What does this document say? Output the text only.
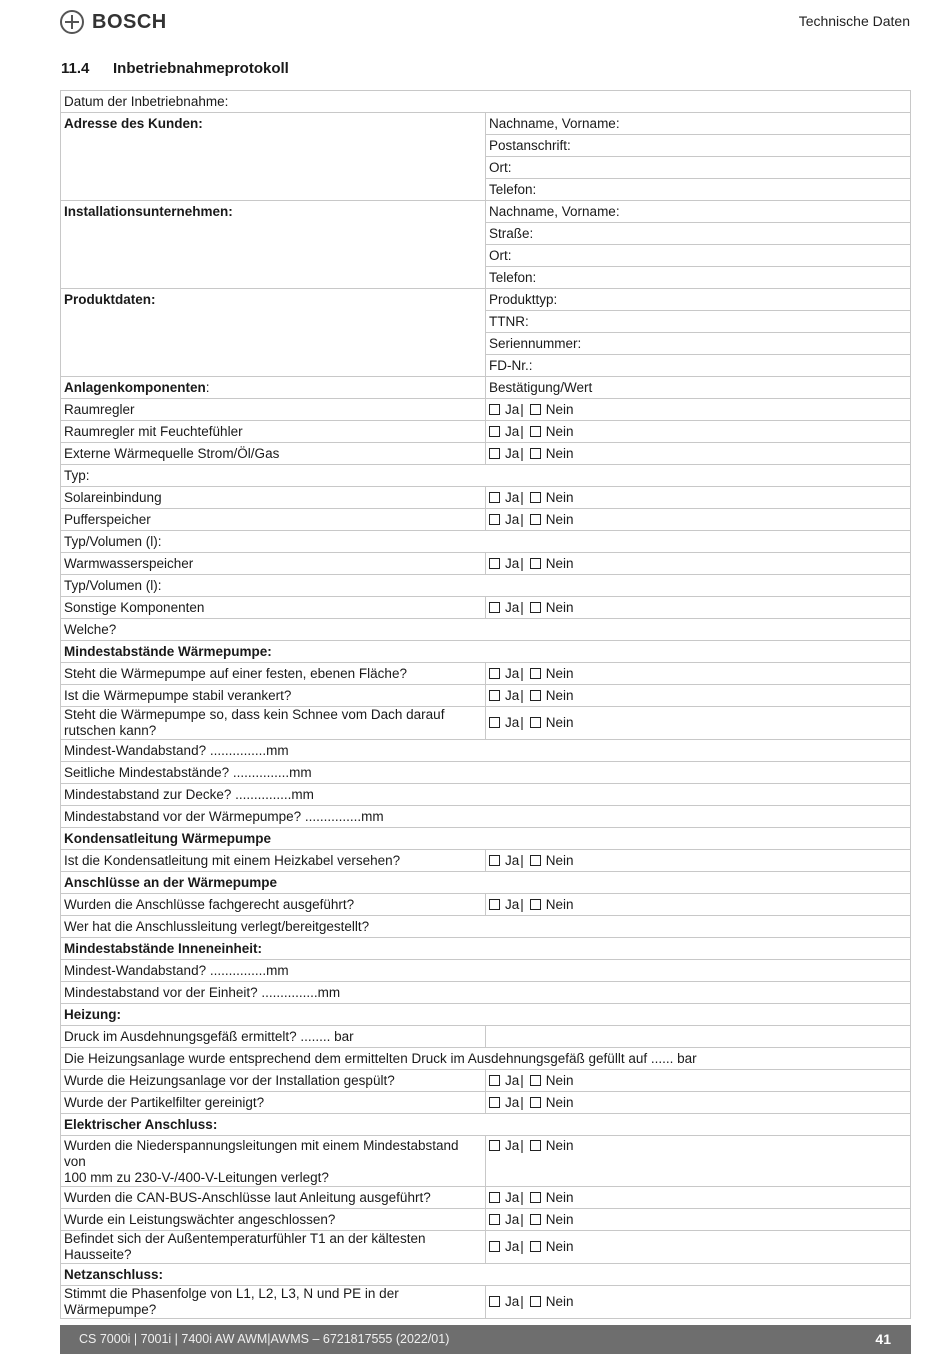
BOSCH	Technische Daten
11.4 Inbetriebnahmeprotokoll
Datum der Inbetriebnahme:	
Adresse des Kunden:	Nachname, Vorname:
	Postanschrift:
	Ort:
	Telefon:
Installationsunternehmen:	Nachname, Vorname:
	Straße:
	Ort:
	Telefon:
Produktdaten:	Produkttyp:
	TTNR:
	Seriennummer:
	FD-Nr.:
Anlagenkomponenten:	Bestätigung/Wert
Raumregler	Ja| Nein
Raumregler mit Feuchtefühler	Ja| Nein
Externe Wärmequelle Strom/Öl/Gas	Ja| Nein
Typ:	
Solareinbindung	Ja| Nein
Pufferspeicher	Ja| Nein
Typ/Volumen (l):	
Warmwasserspeicher	Ja| Nein
Typ/Volumen (l):	
Sonstige Komponenten	Ja| Nein
Welche?	
Mindestabstände Wärmepumpe:	
Steht die Wärmepumpe auf einer festen, ebenen Fläche?	Ja| Nein
Ist die Wärmepumpe stabil verankert?	Ja| Nein
Steht die Wärmepumpe so, dass kein Schnee vom Dach darauf rutschen kann?	Ja| Nein
Mindest-Wandabstand? ...............mm	
Seitliche Mindestabstände? ...............mm	
Mindestabstand zur Decke? ...............mm	
Mindestabstand vor der Wärmepumpe? ...............mm	
Kondensatleitung Wärmepumpe	
Ist die Kondensatleitung mit einem Heizkabel versehen?	Ja| Nein
Anschlüsse an der Wärmepumpe	
Wurden die Anschlüsse fachgerecht ausgeführt?	Ja| Nein
Wer hat die Anschlussleitung verlegt/bereitgestellt?	
Mindestabstände Inneneinheit:	
Mindest-Wandabstand? ...............mm	
Mindestabstand vor der Einheit? ...............mm	
Heizung:	
Druck im Ausdehnungsgefäß ermittelt? ........ bar	
Die Heizungsanlage wurde entsprechend dem ermittelten Druck im Ausdehnungsgefäß gefüllt auf ...... bar	
Wurde die Heizungsanlage vor der Installation gespült?	Ja| Nein
Wurde der Partikelfilter gereinigt?	Ja| Nein
Elektrischer Anschluss:	
Wurden die Niederspannungsleitungen mit einem Mindestabstand von
100 mm zu 230-V-/400-V-Leitungen verlegt?	Ja| Nein
Wurden die CAN-BUS-Anschlüsse laut Anleitung ausgeführt?	Ja| Nein
Wurde ein Leistungswächter angeschlossen?	Ja| Nein
Befindet sich der Außentemperaturfühler T1 an der kältesten Hausseite?	Ja| Nein
Netzanschluss:	
Stimmt die Phasenfolge von L1, L2, L3, N und PE in der Wärmepumpe?	Ja| Nein
CS 7000i | 7001i | 7400i AW AWM|AWMS – 6721817555 (2022/01)	41
